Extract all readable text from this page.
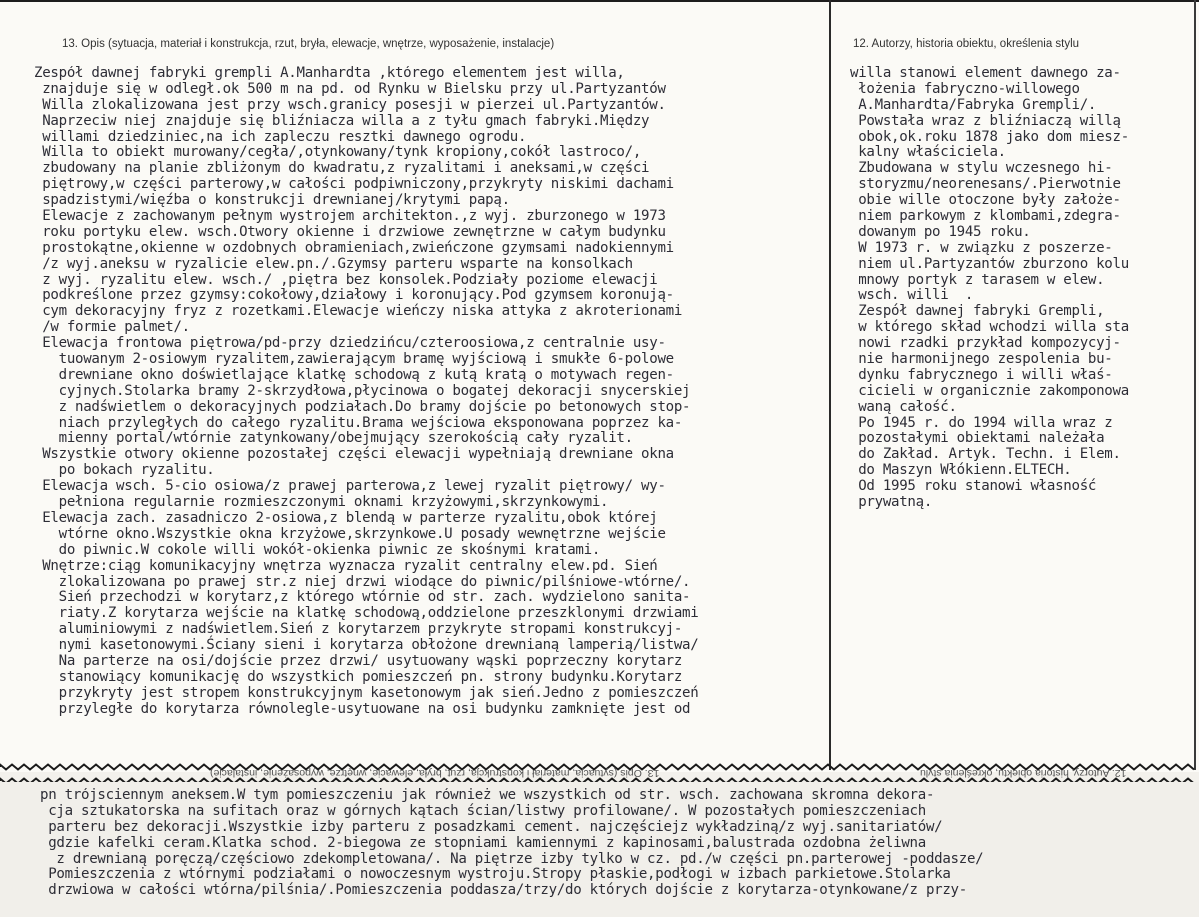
13. Opis (sytuacja, materiał i konstrukcja, rzut, bryła, elewacje, wnętrze, wyposażenie, instalacje)	12. Autorzy, historia obiektu, określenia stylu
Zespół dawnej fabryki grempli A.Manhardta ,którego elementem jest willa,
znajduje się w odległ.ok 500 m na pd. od Rynku w Bielsku przy ul.Partyzantów
Willa zlokalizowana jest przy wsch.granicy posesji w pierzei ul.Partyzantów.
Naprzeciw niej znajduje się bliźniacza willa a z tyłu gmach fabryki.Między
willami dziedziniec,na ich zapleczu resztki dawnego ogrodu.
Willa to obiekt murowany/cegła/,otynkowany/tynk kropiony,cokół lastroco/,
zbudowany na planie zbliżonym do kwadratu,z ryzalitami i aneksami,w części
piętrowy,w części parterowy,w całości podpiwniczony,przykryty niskimi dachami
spadzistymi/więźba o konstrukcji drewnianej/krytymi papą.
Elewacje z zachowanym pełnym wystrojem architekton.,z wyj. zburzonego w 1973
roku portyku elew. wsch.Otwory okienne i drzwiowe zewnętrzne w całym budynku
prostokątne,okienne w ozdobnych obramieniach,zwieńczone gzymsami nadokiennymi
/z wyj.aneksu w ryzalicie elew.pn./.Gzymsy parteru wsparte na konsolkach
z wyj. ryzalitu elew. wsch./ ,piętra bez konsolek.Podziały poziome elewacji
podkreślone przez gzymsy:cokołowy,działowy i koronujący.Pod gzymsem koronują-
cym dekoracyjny fryz z rozetkami.Elewacje wieńczy niska attyka z akroterionami
/w formie palmet/.
Elewacja frontowa piętrowa/pd-przy dziedzińcu/czteroosiowa,z centralnie usy-
tuowanym 2-osiowym ryzalitem,zawierającym bramę wyjściową i smukłe 6-polowe
drewniane okno doświetlające klatkę schodową z kutą kratą o motywach regen-
cyjnych.Stolarka bramy 2-skrzydłowa,płycinowa o bogatej dekoracji snycerskiej
z nadświetlem o dekoracyjnych podziałach.Do bramy dojście po betonowych stop-
niach przyległych do całego ryzalitu.Brama wejściowa eksponowana poprzez ka-
mienny portal/wtórnie zatynkowany/obejmujący szerokością cały ryzalit.
Wszystkie otwory okienne pozostałej części elewacji wypełniają drewniane okna
po bokach ryzalitu.
Elewacja wsch. 5-cio osiowa/z prawej parterowa,z lewej ryzalit piętrowy/ wy-
pełniona regularnie rozmieszczonymi oknami krzyżowymi,skrzynkowymi.
Elewacja zach. zasadniczo 2-osiowa,z blendą w parterze ryzalitu,obok której
wtórne okno.Wszystkie okna krzyżowe,skrzynkowe.U posady wewnętrzne wejście
do piwnic.W cokole willi wokół-okienka piwnic ze skośnymi kratami.
Wnętrze:ciąg komunikacyjny wnętrza wyznacza ryzalit centralny elew.pd. Sień
zlokalizowana po prawej str.z niej drzwi wiodące do piwnic/pilśniowe-wtórne/.
Sień przechodzi w korytarz,z którego wtórnie od str. zach. wydzielono sanita-
riaty.Z korytarza wejście na klatkę schodową,oddzielone przeszklonymi drzwiami
aluminiowymi z nadświetlem.Sień z korytarzem przykryte stropami konstrukcyj-
nymi kasetonowymi.Ściany sieni i korytarza obłożone drewnianą lamperią/listwa/
Na parterze na osi/dojście przez drzwi/ usytuowany wąski poprzeczny korytarz
stanowiący komunikację do wszystkich pomieszczeń pn. strony budynku.Korytarz
przykryty jest stropem konstrukcyjnym kasetonowym jak sień.Jedno z pomieszczeń
przyległe do korytarza równolegle-usytuowane na osi budynku zamknięte jest od
willa stanowi element dawnego za-
łożenia fabryczno-willowego
A.Manhardta/Fabryka Grempli/.
Powstała wraz z bliźniaczą willą
obok,ok.roku 1878 jako dom miesz-
kalny właściciela.
Zbudowana w stylu wczesnego hi-
storyzmu/neorenesans/.Pierwotnie
obie wille otoczone były założe-
niem parkowym z klombami,zdegra-
dowanym po 1945 roku.
W 1973 r. w związku z poszerze-
niem ul.Partyzantów zburzono kolu
mnowy portyk z tarasem w elew.
wsch. willi  .
Zespół dawnej fabryki Grempli,
w którego skład wchodzi willa sta
nowi rzadki przykład kompozycyj-
nie harmonijnego zespolenia bu-
dynku fabrycznego i willi właś-
cicieli w organicznie zakomponowa
waną całość.
Po 1945 r. do 1994 willa wraz z
pozostałymi obiektami należała
do Zakład. Artyk. Techn. i Elem.
do Maszyn Włókienn.ELTECH.
Od 1995 roku stanowi własność
prywatną.
13. Opis (sytuacja, materiał i konstrukcja, rzut, bryła, elewacje, wnętrze, wyposażenie, instalacje)	12. Autorzy, historia obiektu, określenia stylu
pn trójsciennym aneksem.W tym pomieszczeniu jak również we wszystkich od str. wsch. zachowana skromna dekora-
cja sztukatorska na sufitach oraz w górnych kątach ścian/listwy profilowane/. W pozostałych pomieszczeniach
parteru bez dekoracji.Wszystkie izby parteru z posadzkami cement. najczęściejz wykładziną/z wyj.sanitariatów/
gdzie kafelki ceram.Klatka schod. 2-biegowa ze stopniami kamiennymi z kapinosami,balustrada ozdobna żeliwna
z drewnianą poręczą/częściowo zdekompletowana/. Na piętrze izby tylko w cz. pd./w części pn.parterowej -poddasze/
Pomieszczenia z wtórnymi podziałami o nowoczesnym wystroju.Stropy płaskie,podłogi w izbach parkietowe.Stolarka
drzwiowa w całości wtórna/pilśnia/.Pomieszczenia poddasza/trzy/do których dojście z korytarza-otynkowane/z przy-
